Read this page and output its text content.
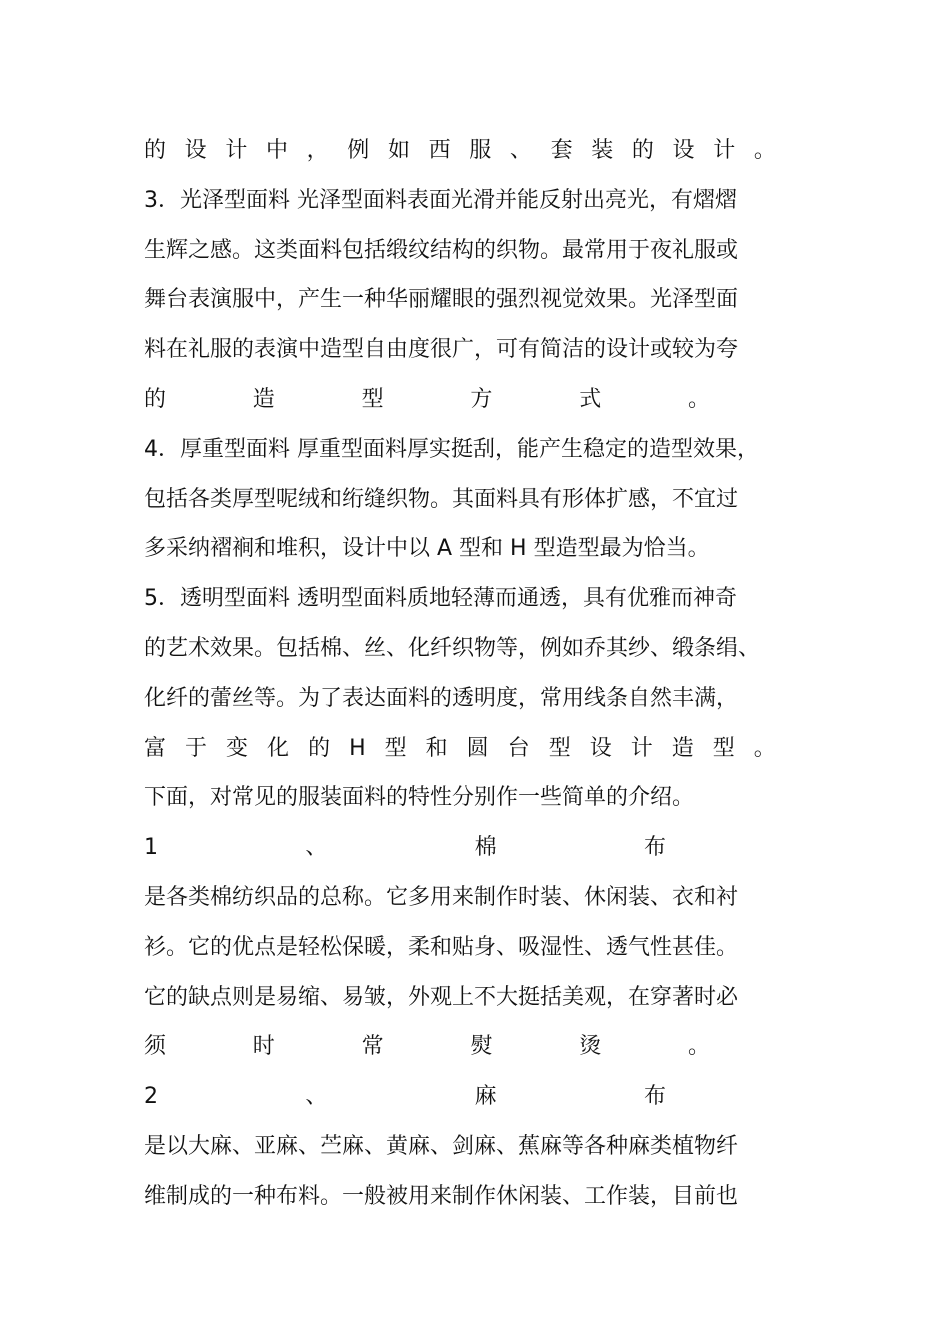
的 设 计 中 ， 例 如 西 服 、 套 装 的 设 计 。
3．光泽型面料 光泽型面料表面光滑并能反射出亮光，有熠熠
生辉之感。这类面料包括缎纹结构的织物。最常用于夜礼服或
舞台表演服中，产生一种华丽耀眼的强烈视觉效果。光泽型面
料在礼服的表演中造型自由度很广，可有简洁的设计或较为夸
的	造	型	方	式	。
4．厚重型面料 厚重型面料厚实挺刮，能产生稳定的造型效果，
包括各类厚型呢绒和绗缝织物。其面料具有形体扩感，不宜过
多采纳褶裥和堆积，设计中以 A 型和 H 型造型最为恰当。
5．透明型面料 透明型面料质地轻薄而通透，具有优雅而神奇
的艺术效果。包括棉、丝、化纤织物等，例如乔其纱、缎条绢、
化纤的蕾丝等。为了表达面料的透明度，常用线条自然丰满，
富 于 变 化 的 H 型 和 圆 台 型 设 计 造 型 。
下面，对常见的服装面料的特性分别作一些简单的介绍。
1	、	棉	布
是各类棉纺织品的总称。它多用来制作时装、休闲装、衣和衬
衫。它的优点是轻松保暖，柔和贴身、吸湿性、透气性甚佳。
它的缺点则是易缩、易皱，外观上不大挺括美观，在穿著时必
须	时	常	熨	烫	。
2	、	麻	布
是以大麻、亚麻、苎麻、黄麻、剑麻、蕉麻等各种麻类植物纤
维制成的一种布料。一般被用来制作休闲装、工作装，目前也
